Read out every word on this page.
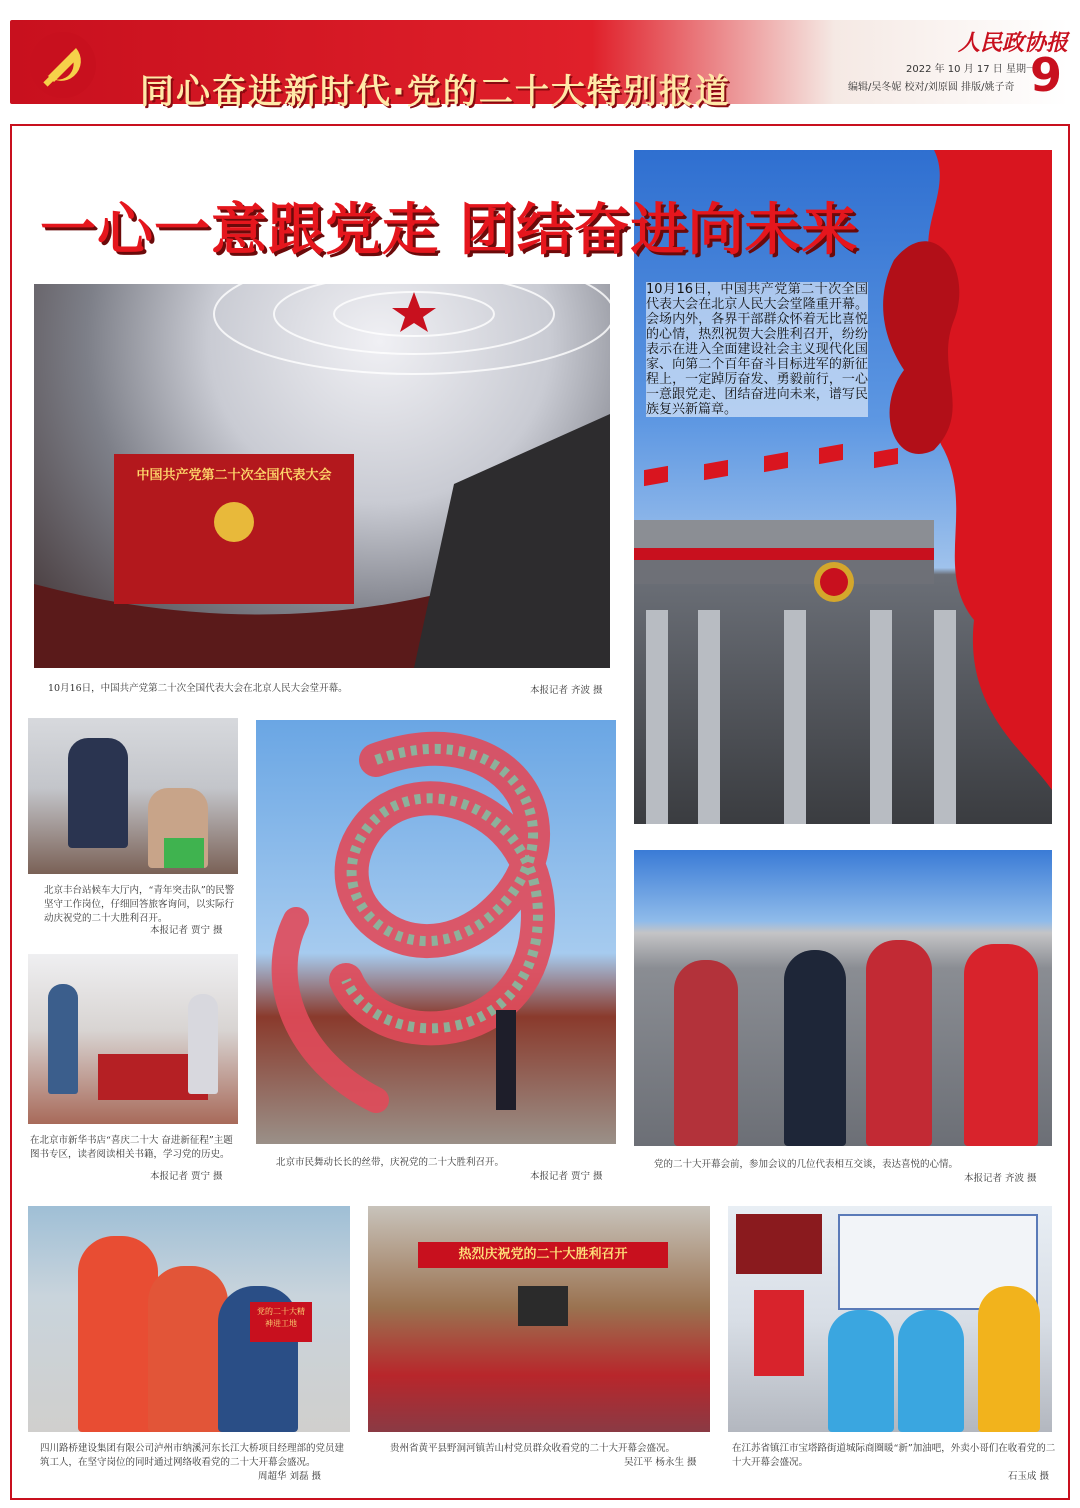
同心奋进新时代·党的二十大特别报道
人民政协报
2022 年 10 月 17 日 星期一
编辑/吴冬妮 校对/刘原圆 排版/姚子奇 9
一心一意跟党走 团结奋进向未来
10月16日，中国共产党第二十次全国代表大会在北京人民大会堂隆重开幕。会场内外，各界干部群众怀着无比喜悦的心情，热烈祝贺大会胜利召开，纷纷表示在进入全面建设社会主义现代化国家、向第二个百年奋斗目标进军的新征程上，一定踔厉奋发、勇毅前行，一心一意跟党走、团结奋进向未来，谱写民族复兴新篇章。
中国共产党第二十次全国代表大会
10月16日，中国共产党第二十次全国代表大会在北京人民大会堂开幕。	本报记者 齐波 摄
北京丰台站候车大厅内，“青年突击队”的民警坚守工作岗位，仔细回答旅客询问，以实际行动庆祝党的二十大胜利召开。
本报记者 贾宁 摄
在北京市新华书店“喜庆二十大 奋进新征程”主题图书专区，读者阅读相关书籍，学习党的历史。
本报记者 贾宁 摄
北京市民舞动长长的丝带，庆祝党的二十大胜利召开。
本报记者 贾宁 摄
党的二十大开幕会前，参加会议的几位代表相互交谈，表达喜悦的心情。
本报记者 齐波 摄
党的二十大精神进工地
四川路桥建设集团有限公司泸州市纳溪河东长江大桥项目经理部的党员建筑工人，在坚守岗位的同时通过网络收看党的二十大开幕会盛况。
周超华 刘磊 摄
热烈庆祝党的二十大胜利召开
贵州省黄平县野洞河镇苦山村党员群众收看党的二十大开幕会盛况。
吴江平 杨永生 摄
在江苏省镇江市宝塔路街道城际商圈暖“新”加油吧，外卖小哥们在收看党的二十大开幕会盛况。
石玉成 摄
